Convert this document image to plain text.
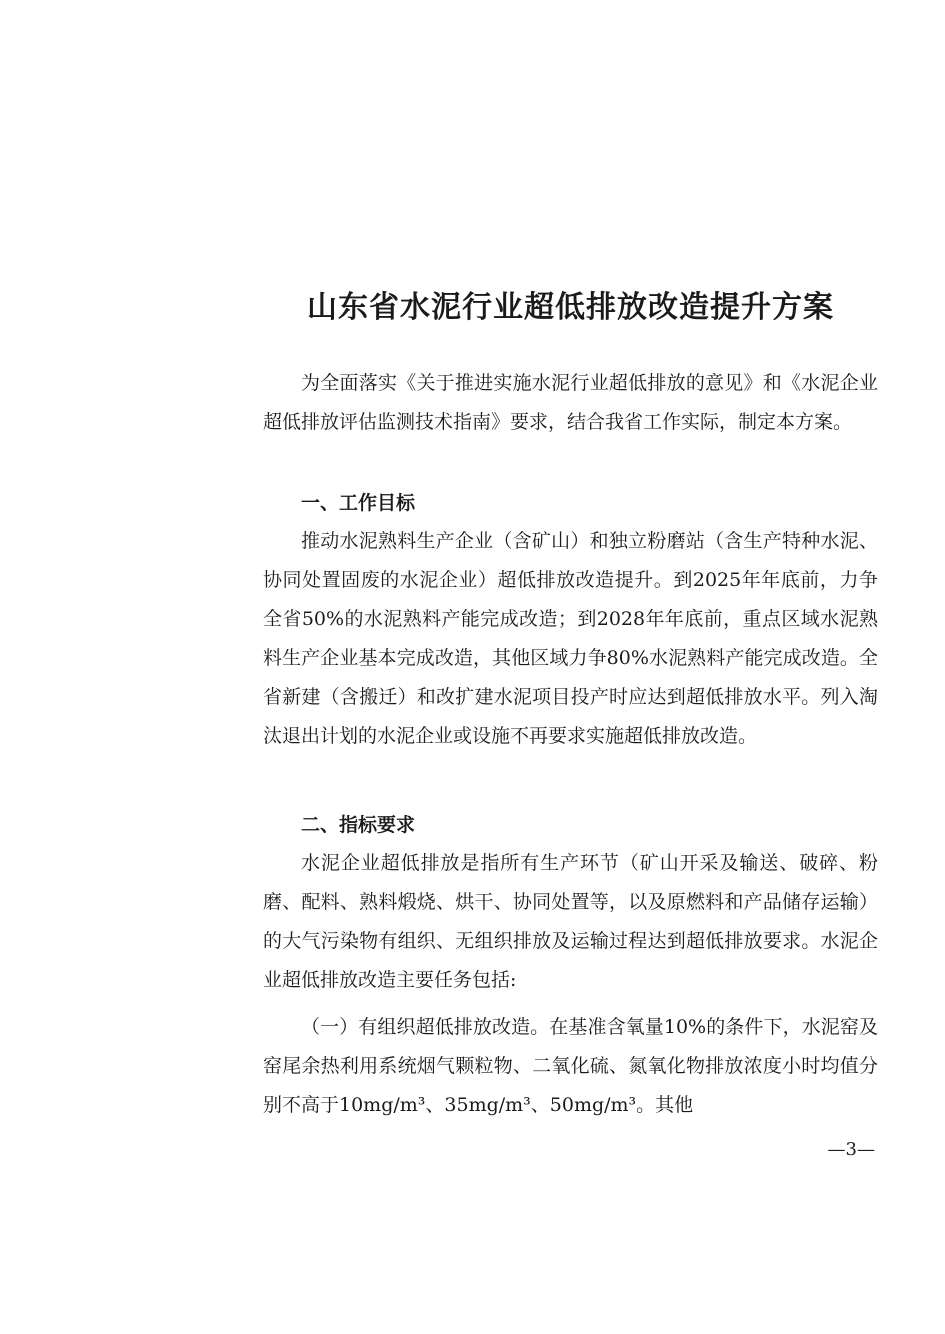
山东省水泥行业超低排放改造提升方案

为全面落实《关于推进实施水泥行业超低排放的意见》和《水泥企业超低排放评估监测技术指南》要求，结合我省工作实际，制定本方案。

一、工作目标

推动水泥熟料生产企业（含矿山）和独立粉磨站（含生产特种水泥、协同处置固废的水泥企业）超低排放改造提升。到2025年年底前，力争全省50%的水泥熟料产能完成改造；到2028年年底前，重点区域水泥熟料生产企业基本完成改造，其他区域力争80%水泥熟料产能完成改造。全省新建（含搬迁）和改扩建水泥项目投产时应达到超低排放水平。列入淘汰退出计划的水泥企业或设施不再要求实施超低排放改造。

二、指标要求

水泥企业超低排放是指所有生产环节（矿山开采及输送、破碎、粉磨、配料、熟料煅烧、烘干、协同处置等，以及原燃料和产品储存运输）的大气污染物有组织、无组织排放及运输过程达到超低排放要求。水泥企业超低排放改造主要任务包括:

（一）有组织超低排放改造。在基准含氧量10%的条件下，水泥窑及窑尾余热利用系统烟气颗粒物、二氧化硫、氮氧化物排放浓度小时均值分别不高于10mg/m³、35mg/m³、50mg/m³。其他

—3—
